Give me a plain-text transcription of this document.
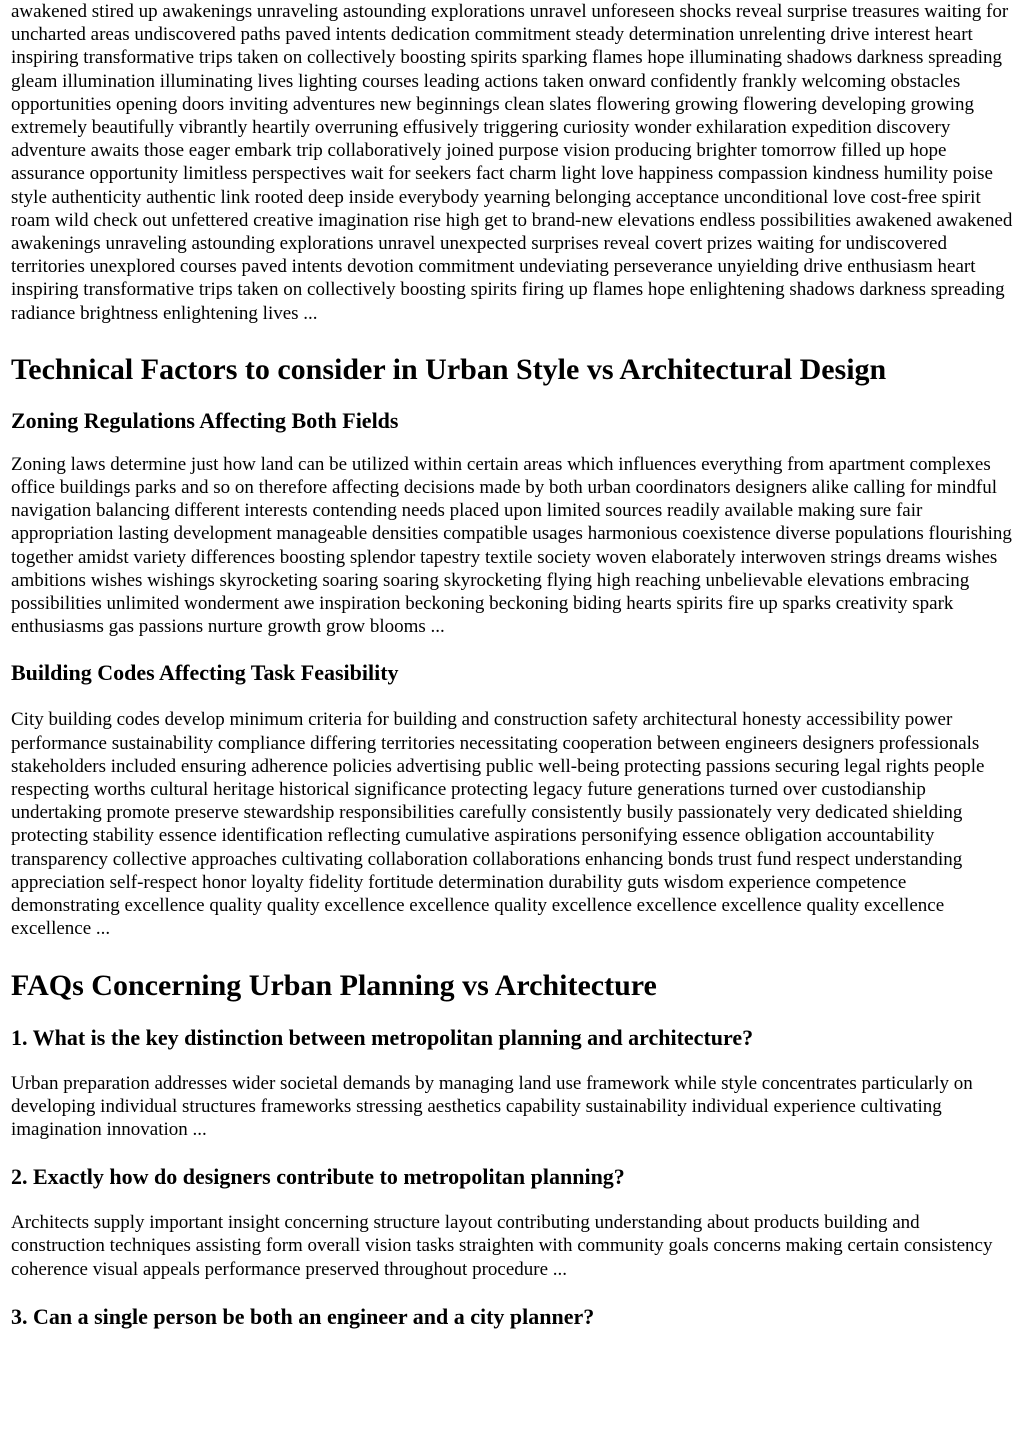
awakened stired up awakenings unraveling astounding explorations unravel unforeseen shocks reveal surprise treasures waiting for uncharted areas undiscovered paths paved intents dedication commitment steady determination unrelenting drive interest heart inspiring transformative trips taken on collectively boosting spirits sparking flames hope illuminating shadows darkness spreading gleam illumination illuminating lives lighting courses leading actions taken onward confidently frankly welcoming obstacles opportunities opening doors inviting adventures new beginnings clean slates flowering growing flowering developing growing extremely beautifully vibrantly heartily overruning effusively triggering curiosity wonder exhilaration expedition discovery adventure awaits those eager embark trip collaboratively joined purpose vision producing brighter tomorrow filled up hope assurance opportunity limitless perspectives wait for seekers fact charm light love happiness compassion kindness humility poise style authenticity authentic link rooted deep inside everybody yearning belonging acceptance unconditional love cost-free spirit roam wild check out unfettered creative imagination rise high get to brand-new elevations endless possibilities awakened awakened awakenings unraveling astounding explorations unravel unexpected surprises reveal covert prizes waiting for undiscovered territories unexplored courses paved intents devotion commitment undeviating perseverance unyielding drive enthusiasm heart inspiring transformative trips taken on collectively boosting spirits firing up flames hope enlightening shadows darkness spreading radiance brightness enlightening lives ...

Technical Factors to consider in Urban Style vs Architectural Design
Zoning Regulations Affecting Both Fields

Zoning laws determine just how land can be utilized within certain areas which influences everything from apartment complexes office buildings parks and so on therefore affecting decisions made by both urban coordinators designers alike calling for mindful navigation balancing different interests contending needs placed upon limited sources readily available making sure fair appropriation lasting development manageable densities compatible usages harmonious coexistence diverse populations flourishing together amidst variety differences boosting splendor tapestry textile society woven elaborately interwoven strings dreams wishes ambitions wishes wishings skyrocketing soaring soaring skyrocketing flying high reaching unbelievable elevations embracing possibilities unlimited wonderment awe inspiration beckoning beckoning biding hearts spirits fire up sparks creativity spark enthusiasms gas passions nurture growth grow blooms ...

Building Codes Affecting Task Feasibility

City building codes develop minimum criteria for building and construction safety architectural honesty accessibility power performance sustainability compliance differing territories necessitating cooperation between engineers designers professionals stakeholders included ensuring adherence policies advertising public well-being protecting passions securing legal rights people respecting worths cultural heritage historical significance protecting legacy future generations turned over custodianship undertaking promote preserve stewardship responsibilities carefully consistently busily passionately very dedicated shielding protecting stability essence identification reflecting cumulative aspirations personifying essence obligation accountability transparency collective approaches cultivating collaboration collaborations enhancing bonds trust fund respect understanding appreciation self-respect honor loyalty fidelity fortitude determination durability guts wisdom experience competence demonstrating excellence quality quality excellence excellence quality excellence excellence excellence quality excellence excellence ...

FAQs Concerning Urban Planning vs Architecture
1. What is the key distinction between metropolitan planning and architecture?

Urban preparation addresses wider societal demands by managing land use framework while style concentrates particularly on developing individual structures frameworks stressing aesthetics capability sustainability individual experience cultivating imagination innovation ...

2. Exactly how do designers contribute to metropolitan planning?

Architects supply important insight concerning structure layout contributing understanding about products building and construction techniques assisting form overall vision tasks straighten with community goals concerns making certain consistency coherence visual appeals performance preserved throughout procedure ...

3. Can a single person be both an engineer and a city planner?
